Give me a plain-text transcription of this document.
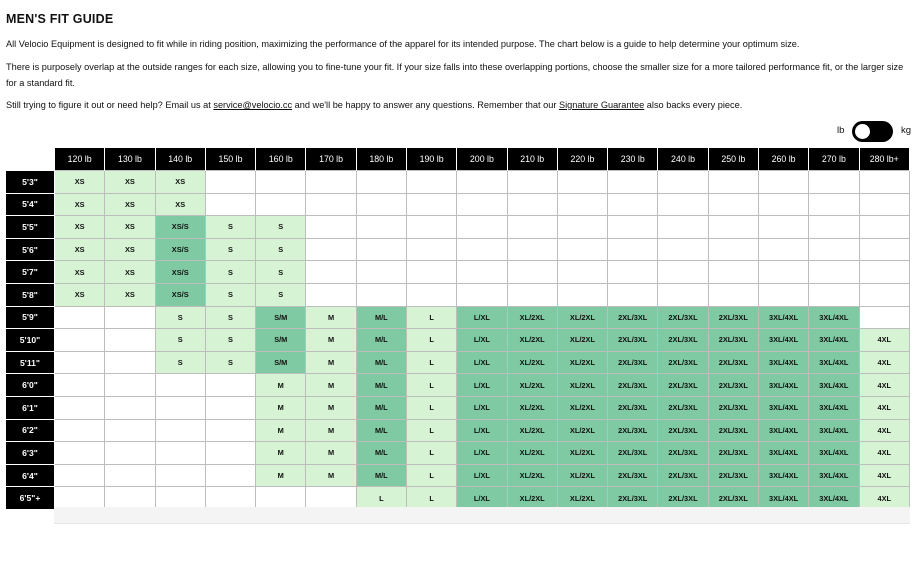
MEN'S FIT GUIDE

All Velocio Equipment is designed to fit while in riding position, maximizing the performance of the apparel for its intended purpose. The chart below is a guide to help determine your optimum size.

There is purposely overlap at the outside ranges for each size, allowing you to fine-tune your fit. If your size falls into these overlapping portions, choose the smaller size for a more tailored performance fit, or the larger size for a standard fit.

Still trying to figure it out or need help? Email us at service@velocio.cc and we'll be happy to answer any questions. Remember that our Signature Guarantee also backs every piece.

lb	kg
	120 lb	130 lb	140 lb	150 lb	160 lb	170 lb	180 lb	190 lb	200 lb	210 lb	220 lb	230 lb	240 lb	250 lb	260 lb	270 lb	280 lb+
5'3"	XS	XS	XS														
5'4"	XS	XS	XS														
5'5"	XS	XS	XS/S	S	S												
5'6"	XS	XS	XS/S	S	S												
5'7"	XS	XS	XS/S	S	S												
5'8"	XS	XS	XS/S	S	S												
5'9"			S	S	S/M	M	M/L	L	L/XL	XL/2XL	XL/2XL	2XL/3XL	2XL/3XL	2XL/3XL	3XL/4XL	3XL/4XL	
5'10"			S	S	S/M	M	M/L	L	L/XL	XL/2XL	XL/2XL	2XL/3XL	2XL/3XL	2XL/3XL	3XL/4XL	3XL/4XL	4XL
5'11"			S	S	S/M	M	M/L	L	L/XL	XL/2XL	XL/2XL	2XL/3XL	2XL/3XL	2XL/3XL	3XL/4XL	3XL/4XL	4XL
6'0"					M	M	M/L	L	L/XL	XL/2XL	XL/2XL	2XL/3XL	2XL/3XL	2XL/3XL	3XL/4XL	3XL/4XL	4XL
6'1"					M	M	M/L	L	L/XL	XL/2XL	XL/2XL	2XL/3XL	2XL/3XL	2XL/3XL	3XL/4XL	3XL/4XL	4XL
6'2"					M	M	M/L	L	L/XL	XL/2XL	XL/2XL	2XL/3XL	2XL/3XL	2XL/3XL	3XL/4XL	3XL/4XL	4XL
6'3"					M	M	M/L	L	L/XL	XL/2XL	XL/2XL	2XL/3XL	2XL/3XL	2XL/3XL	3XL/4XL	3XL/4XL	4XL
6'4"					M	M	M/L	L	L/XL	XL/2XL	XL/2XL	2XL/3XL	2XL/3XL	2XL/3XL	3XL/4XL	3XL/4XL	4XL
6'5"+							L	L	L/XL	XL/2XL	XL/2XL	2XL/3XL	2XL/3XL	2XL/3XL	3XL/4XL	3XL/4XL	4XL
